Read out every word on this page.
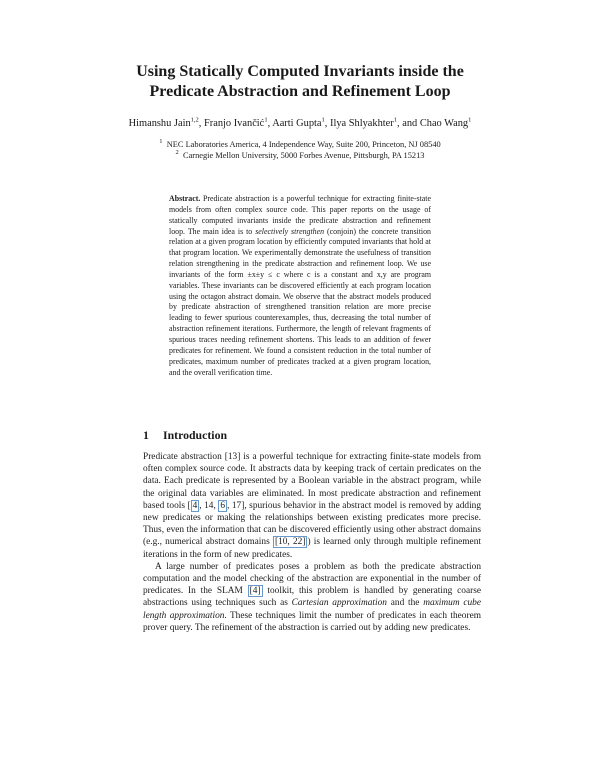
Using Statically Computed Invariants inside the
Predicate Abstraction and Refinement Loop
Himanshu Jain$^{1,2}$, Franjo Ivančić$^1$, Aarti Gupta$^1$, Ilya Shlyakhter$^1$, and Chao Wang$^1$
$^1$ NEC Laboratories America, 4 Independence Way, Suite 200, Princeton, NJ 08540
$^2$ Carnegie Mellon University, 5000 Forbes Avenue, Pittsburgh, PA 15213
Abstract. Predicate abstraction is a powerful technique for extracting finite-state models from often complex source code. This paper reports on the usage of statically computed invariants inside the predicate abstraction and refinement loop. The main idea is to selectively strengthen (conjoin) the concrete transition relation at a given program location by efficiently computed invariants that hold at that program location. We experimentally demonstrate the usefulness of transition relation strengthening in the predicate abstraction and refinement loop. We use invariants of the form ±x±y ≤ c where c is a constant and x,y are program variables. These invariants can be discovered efficiently at each program location using the octagon abstract domain. We observe that the abstract models produced by predicate abstraction of strengthened transition relation are more precise leading to fewer spurious counterexamples, thus, decreasing the total number of abstraction refinement iterations. Furthermore, the length of relevant fragments of spurious traces needing refinement shortens. This leads to an addition of fewer predicates for refinement. We found a consistent reduction in the total number of predicates, maximum number of predicates tracked at a given program location, and the overall verification time.
1 Introduction

Predicate abstraction [13] is a powerful technique for extracting finite-state models from often complex source code. It abstracts data by keeping track of certain predicates on the data. Each predicate is represented by a Boolean variable in the abstract program, while the original data variables are eliminated. In most predicate abstraction and refinement based tools [ 4 , 14, 6 , 17], spurious behavior in the abstract model is removed by adding new predicates or making the relationships between existing predicates more precise. Thus, even the information that can be discovered efficiently using other abstract domains (e.g., numerical abstract domains [10, 22] ) is learned only through multiple refinement iterations in the form of new predicates.

A large number of predicates poses a problem as both the predicate abstraction computation and the model checking of the abstraction are exponential in the number of predicates. In the SLAM [4] toolkit, this problem is handled by generating coarse abstractions using techniques such as Cartesian approximation and the maximum cube length approximation. These techniques limit the number of predicates in each theorem prover query. The refinement of the abstraction is carried out by adding new predicates.
